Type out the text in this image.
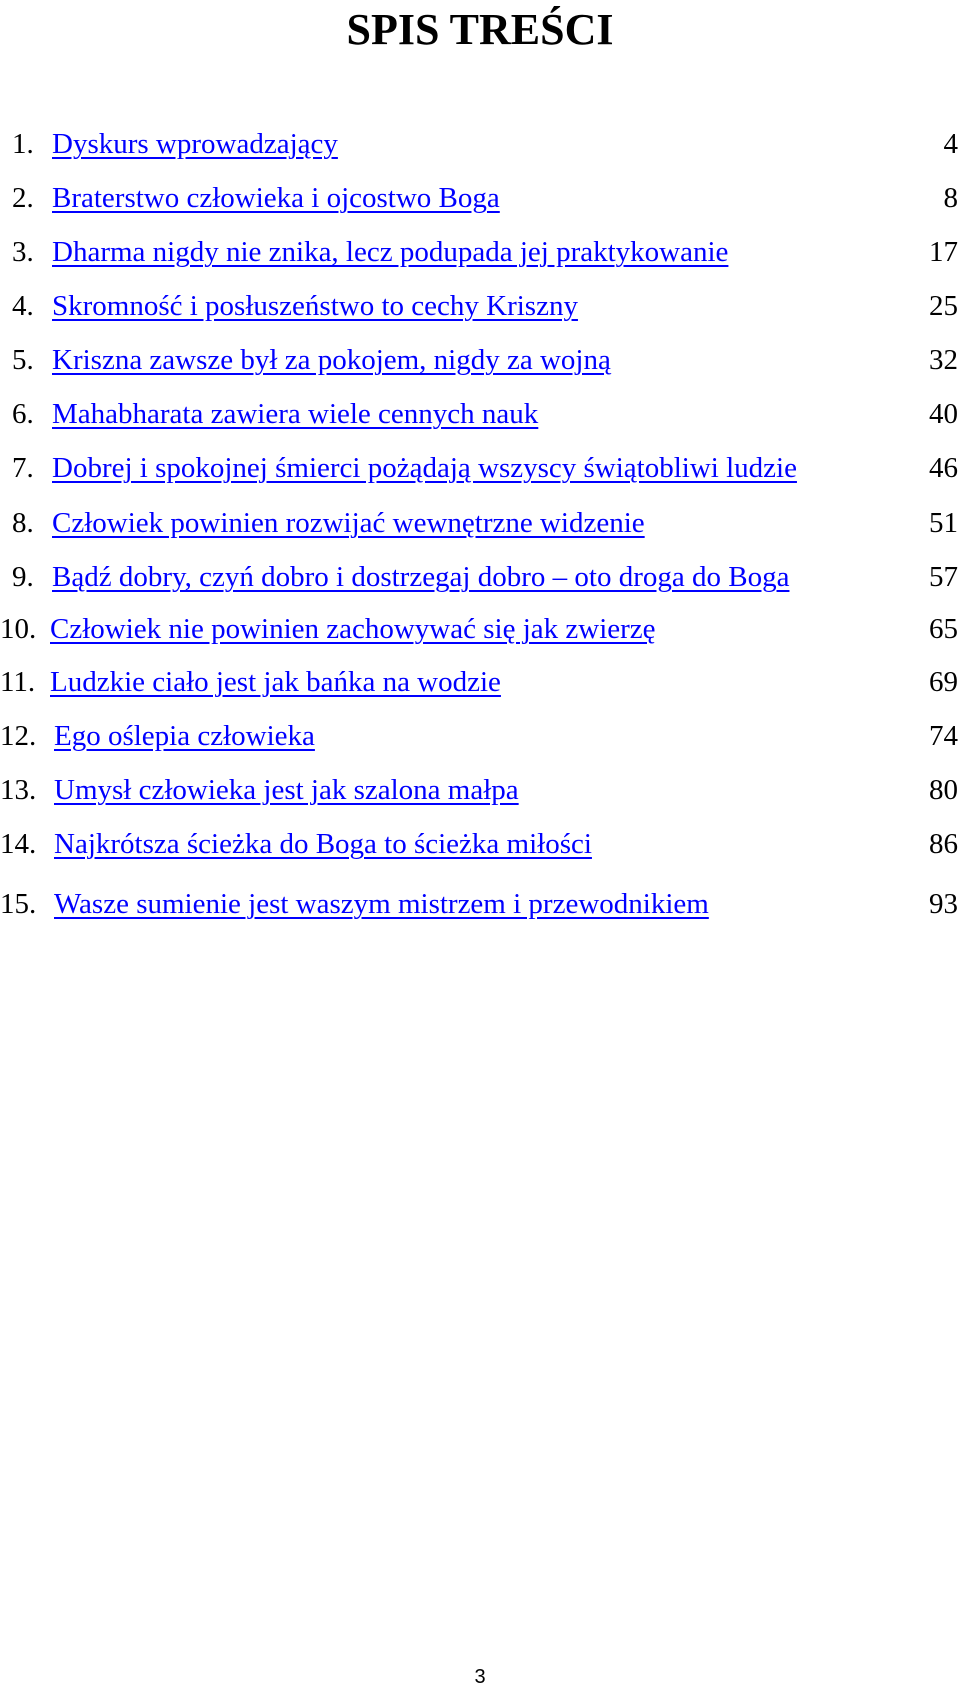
SPIS TREŚCI
1. Dyskurs wprowadzający	4
2. Braterstwo człowieka i ojcostwo Boga	8
3. Dharma nigdy nie znika, lecz podupada jej praktykowanie	17
4. Skromność i posłuszeństwo to cechy Kriszny	25
5. Kriszna zawsze był za pokojem, nigdy za wojną	32
6. Mahabharata zawiera wiele cennych nauk	40
7. Dobrej i spokojnej śmierci pożądają wszyscy świątobliwi ludzie	46
8. Człowiek powinien rozwijać wewnętrzne widzenie	51
9. Bądź dobry, czyń dobro i dostrzegaj dobro – oto droga do Boga	57
10. Człowiek nie powinien zachowywać się jak zwierzę	65
11. Ludzkie ciało jest jak bańka na wodzie	69
12. Ego oślepia człowieka	74
13. Umysł człowieka jest jak szalona małpa	80
14. Najkrótsza ścieżka do Boga to ścieżka miłości	86
15. Wasze sumienie jest waszym mistrzem i przewodnikiem	93
3
